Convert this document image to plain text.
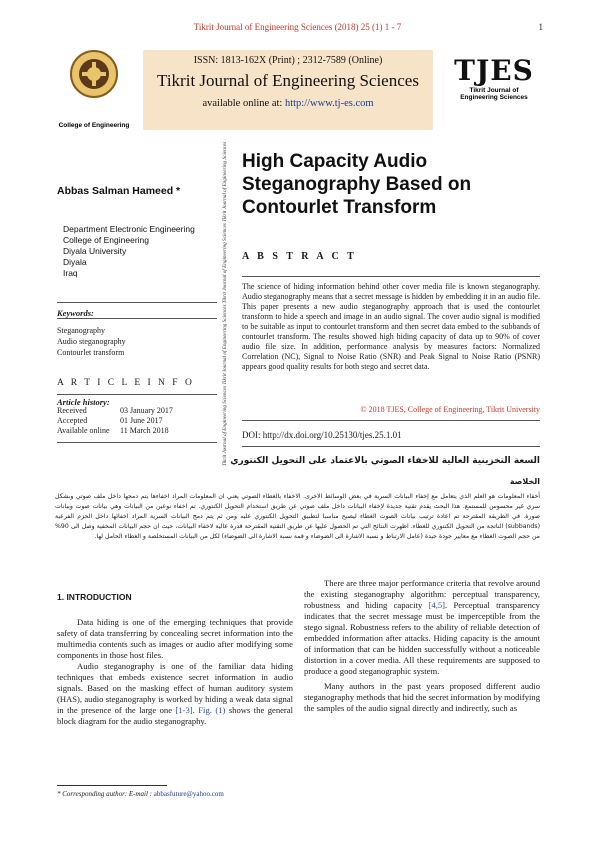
Tikrit Journal of Engineering Sciences (2018) 25 (1) 1 - 7	1
College of Engineering
ISSN: 1813-162X (Print) ; 2312-7589 (Online)
Tikrit Journal of Engineering Sciences
available online at: http://www.tj-es.com
TJES
Tikrit Journal of
Engineering Sciences
Tikrit Journal of Engineering Sciences Tikrit Journal of Engineering Sciences Tikrit Journal of Engineering Sciences Tikrit Journal of Engineering Sciences High Capacity Audio
Steganography Based on
Contourlet Transform
Abbas Salman Hameed *
Department Electronic Engineering
College of Engineering
Diyala University
Diyala
Iraq
Keywords:
Steganography
Audio steganography
Contourlet transform
A R T I C L E I N F O
Article history:
Received	03 January 2017
Accepted	01 June 2017
Available online	11 March 2018
A B S T R A C T
The science of hiding information behind other cover media file is known steganography. Audio steganography means that a secret message is hidden by embedding it in an audio file. This paper presents a new audio steganography approach that is used the contourlet transform to hide a speech and image in an audio signal. The cover audio signal is modified to be suitable as input to contourlet transform and then secret data embed to the subbands of contourlet transform. The results showed high hiding capacity of data up to 90% of cover audio file size. In addition, performance analysis by measures factors: Normalized Correlation (NC), Signal to Noise Ratio (SNR) and Peak Signal to Noise Ratio (PSNR) appears good quality results for both stego and secret data.
© 2018 TJES, College of Engineering, Tikrit University
DOI: http://dx.doi.org/10.25130/tjes.25.1.01
السعة التخزينية العالية للاخفاء الصوتي بالاعتماد على التحويل الكنتوري
الخلاصة
أخفاء المعلومات هو العلم الذي يتعامل مع إخفاء البيانات السرية في بعض الوسائط الاخرى. الاخفاء بالغطاء الصوتي يعني ان المعلومات المراد اخفاءها يتم دمجها داخل ملف صوتي وبشكل سري غير محسوس للمستمع. هذا البحث يقدم تقنية جديدة لإخفاء البيانات داخل ملف صوتي عن طريق استخدام التحويل الكنتوري. تم اخفاء نوعين من البيانات وهي بيانات صوت وبيانات صورة. في الطريقة المقترحة تم اعادة ترتيب بيانات الصوت الغطاء ليصبح مناسبا لتطبيق التحويل الكنتوري عليه ومن ثم يتم دمج البيانات السرية المراد اخفائها داخل الحزم الفرعية (subbands) الناتجة من التحويل الكنتوري للغطاء. اظهرت النتائج التي تم الحصول عليها عن طريق التقنية المقترحة قدرة عالية لاخفاء البيانات، حيث ان حجم البيانات المخفية وصل الى 90% من حجم الصوت الغطاء مع معايير جودة جيدة (عامل الارتباط و نسبة الاشارة الى الضوضاء و قمة نسبة الاشارة الى الضوضاء) لكل من البيانات المستخلصة و الغطاء الحامل لها.
1. INTRODUCTION

Data hiding is one of the emerging techniques that provide safety of data transferring by concealing secret information into the multimedia contents such as images or audio after modifying some components in those host files.

Audio steganography is one of the familiar data hiding techniques that embeds existence secret information in audio signals. Based on the masking effect of human auditory system (HAS), audio steganography is worked by hiding a weak data signal in the presence of the large one [1-3]. Fig. (1) shows the general block diagram for the audio steganography.

There are three major performance criteria that revolve around the existing steganography algorithm: perceptual transparency, robustness and hiding capacity [4,5]. Perceptual transparency indicates that the secret message must be imperceptible from the stego signal. Robustness refers to the ability of reliable detection of embedded information after attacks. Hiding capacity is the amount of information that can be hidden successfully without a noticeable distortion in a cover media. All these requirements are supposed to produce a good steganographic system.

Many authors in the past years proposed different audio steganography methods that hid the secret information by modifying the samples of the audio signal directly and indirectly, such as

* Corresponding author: E-mail : abbasfuture@yahoo.com
